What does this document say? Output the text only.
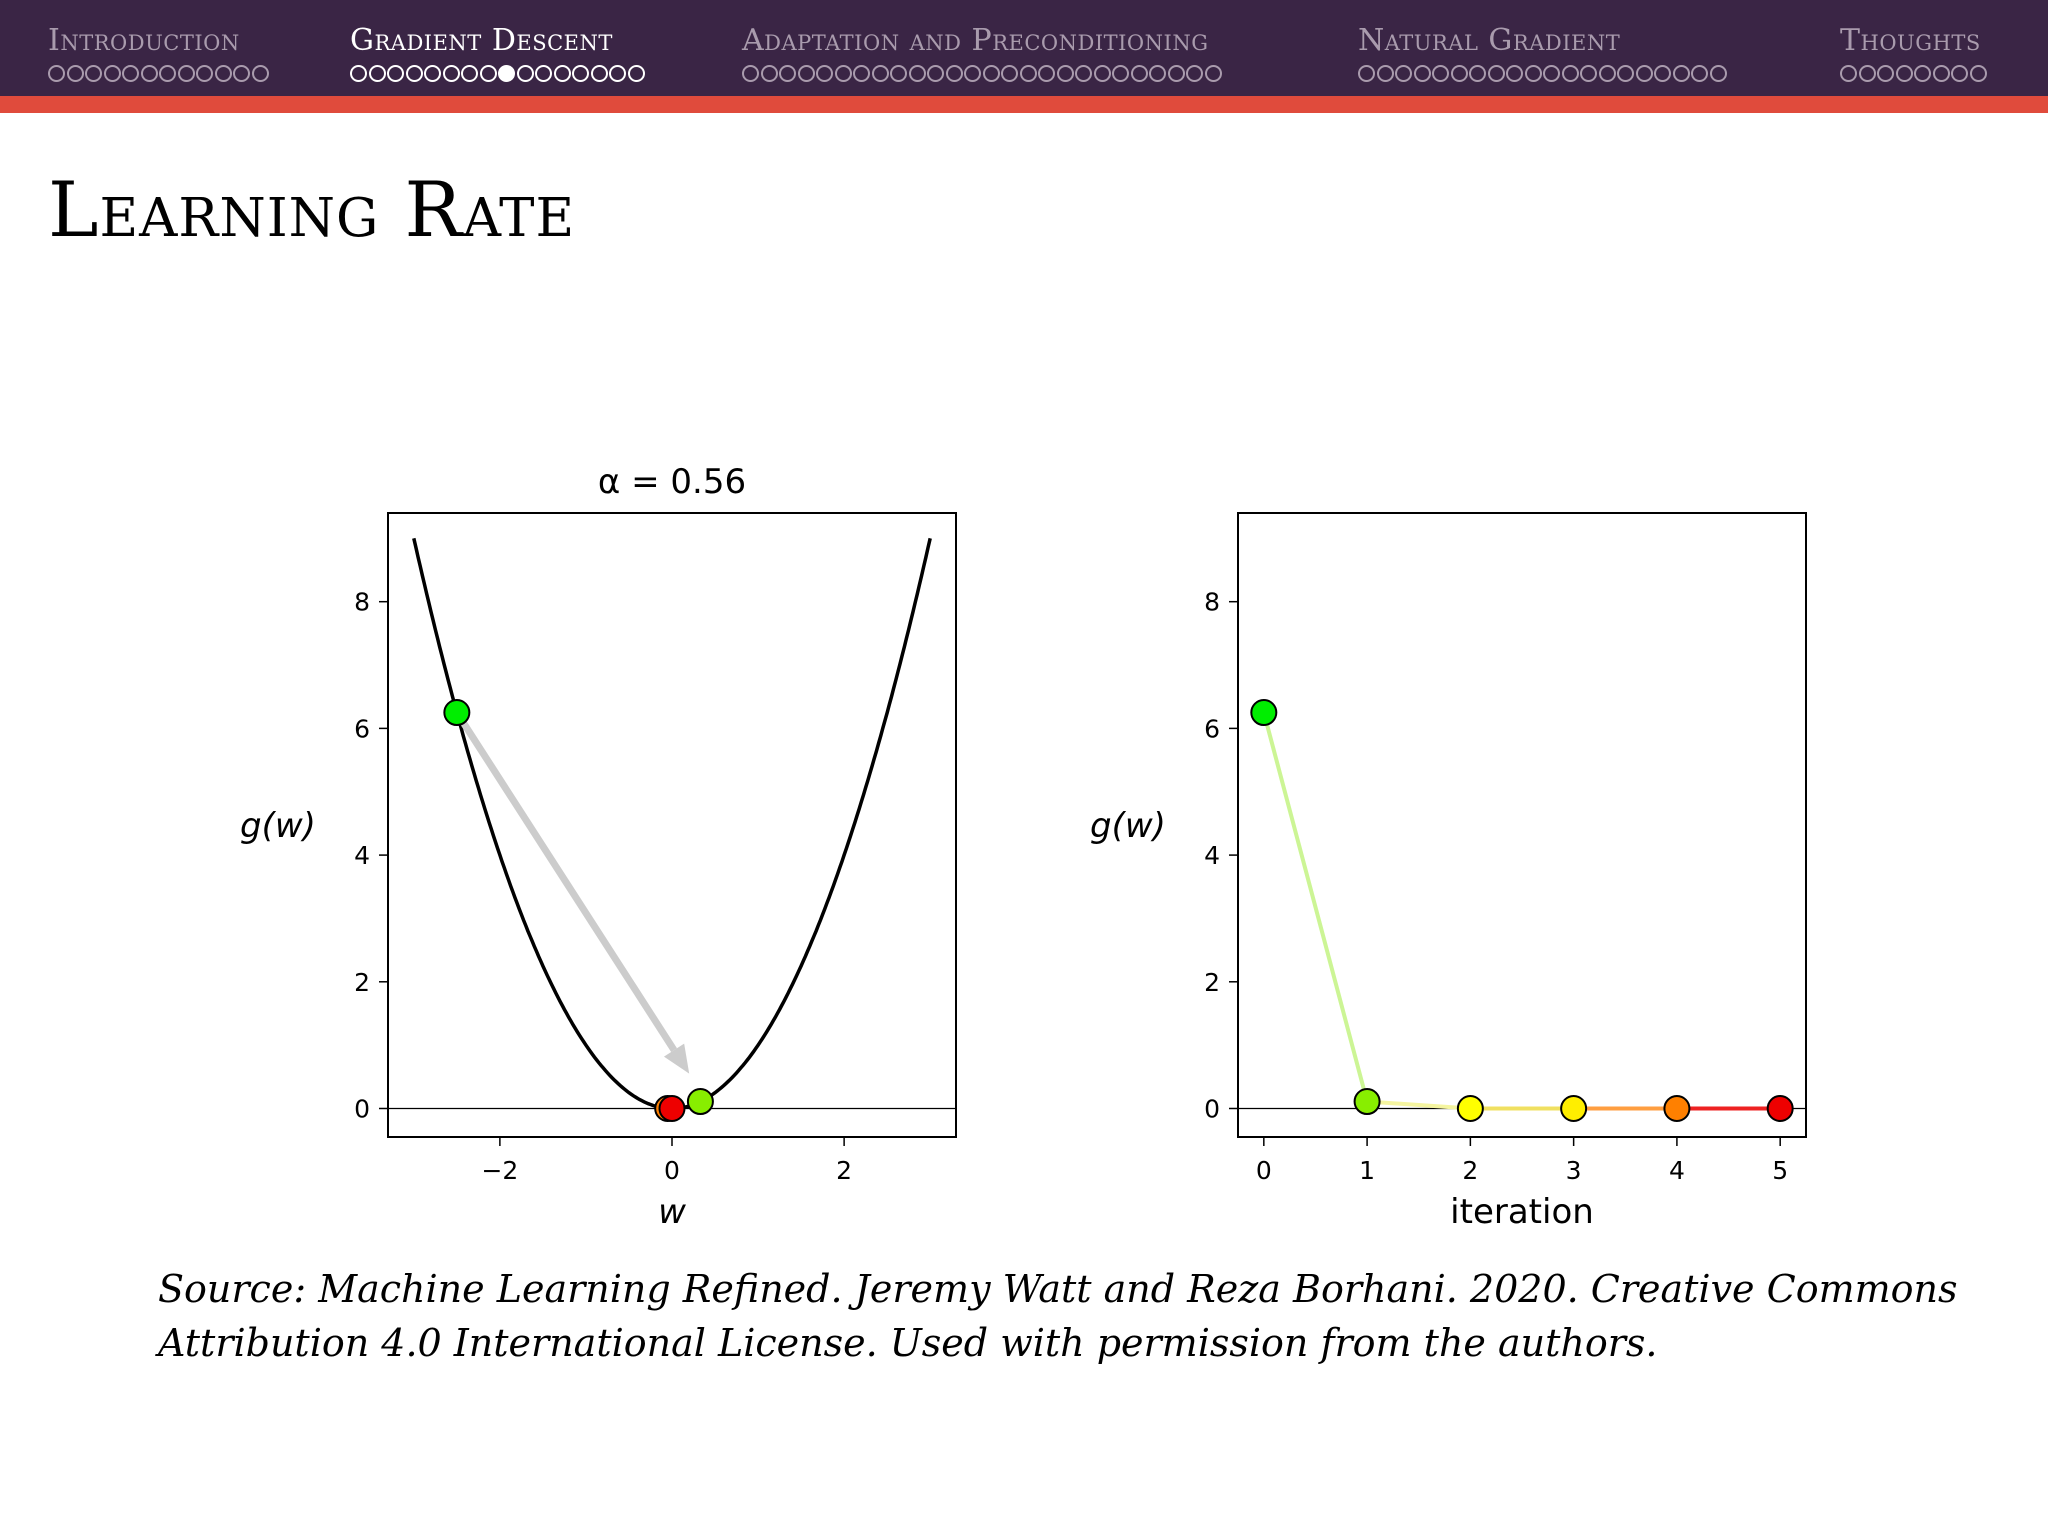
Introduction	Gradient Descent	Adaptation and Preconditioning	Natural Gradient	Thoughts
Learning Rate
0
2
4
6
8
−2	0	2
w
g(w)
α = 0.56
0
2
4
6
8
0	1	2	3	4	5
iteration
g(w)

Source: Machine Learning Refined. Jeremy Watt and Reza Borhani. 2020. Creative Commons Attribution 4.0 International License. Used with permission from the authors.
